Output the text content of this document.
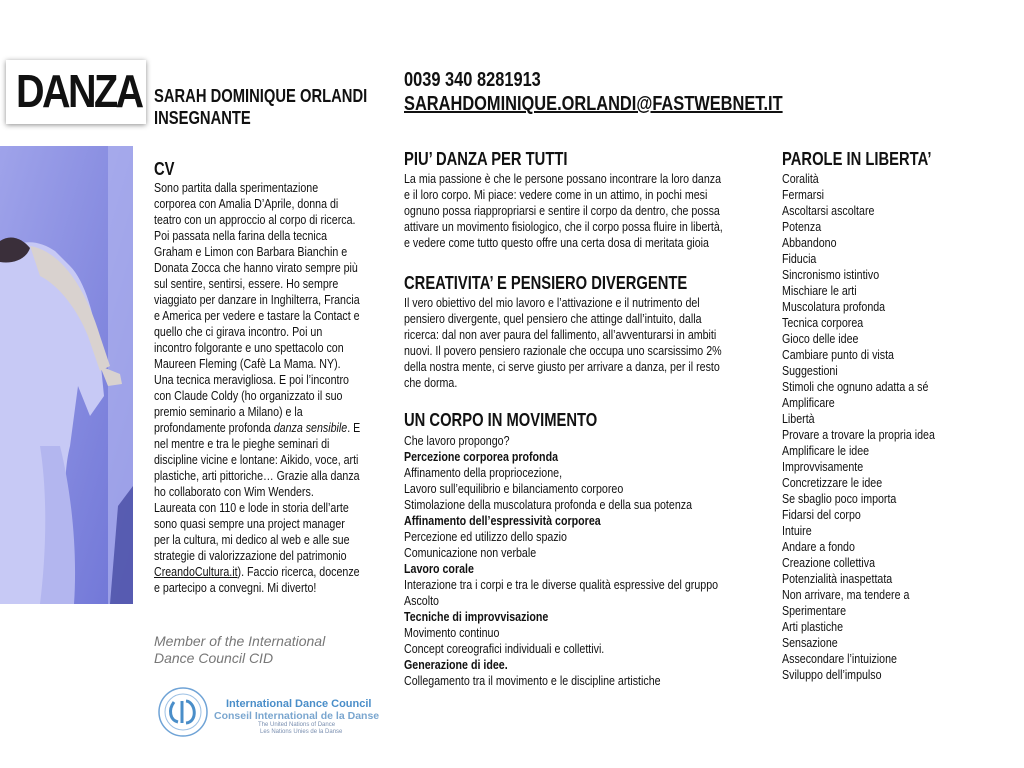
DANZA SARAH DOMINIQUE ORLANDI
INSEGNANTE
0039 340 8281913
SARAHDOMINIQUE.ORLANDI@FASTWEBNET.IT
CV
Sono partita dalla sperimentazione
corporea con Amalia D’Aprile, donna di
teatro con un approccio al corpo di ricerca.
Poi passata nella farina della tecnica
Graham e Limon con Barbara Bianchin e
Donata Zocca che hanno virato sempre più
sul sentire, sentirsi, essere. Ho sempre
viaggiato per danzare in Inghilterra, Francia
e America per vedere e tastare la Contact e
quello che ci girava incontro. Poi un
incontro folgorante e uno spettacolo con
Maureen Fleming (Cafè La Mama. NY).
Una tecnica meravigliosa. E poi l’incontro
con Claude Coldy (ho organizzato il suo
premio seminario a Milano) e la
profondamente profonda danza sensibile. E
nel mentre e tra le pieghe seminari di
discipline vicine e lontane: Aikido, voce, arti
plastiche, arti pittoriche… Grazie alla danza
ho collaborato con Wim Wenders.
Laureata con 110 e lode in storia dell’arte
sono quasi sempre una project manager
per la cultura, mi dedico al web e alle sue
strategie di valorizzazione del patrimonio
CreandoCultura.it). Faccio ricerca, docenze
e partecipo a convegni. Mi diverto!
Member of the International
Dance Council CID
International Dance Council
Conseil International de la Danse
The United Nations of Dance
Les Nations Unies de la Danse
PIU’ DANZA PER TUTTI
La mia passione è che le persone possano incontrare la loro danza
e il loro corpo. Mi piace: vedere come in un attimo, in pochi mesi
ognuno possa riappropriarsi e sentire il corpo da dentro, che possa
attivare un movimento fisiologico, che il corpo possa fluire in libertà,
e vedere come tutto questo offre una certa dosa di meritata gioia
CREATIVITA’ E PENSIERO DIVERGENTE
Il vero obiettivo del mio lavoro e l’attivazione e il nutrimento del
pensiero divergente, quel pensiero che attinge dall’intuito, dalla
ricerca: dal non aver paura del fallimento, all’avventurarsi in ambiti
nuovi. Il povero pensiero razionale che occupa uno scarsissimo 2%
della nostra mente, ci serve giusto per arrivare a danza, per il resto
che dorma.
UN CORPO IN MOVIMENTO
Che lavoro propongo?
Percezione corporea profonda
Affinamento della propriocezione,
Lavoro sull’equilibrio e bilanciamento corporeo
Stimolazione della muscolatura profonda e della sua potenza
Affinamento dell’espressività corporea
Percezione ed utilizzo dello spazio
Comunicazione non verbale
Lavoro corale
Interazione tra i corpi e tra le diverse qualità espressive del gruppo
Ascolto
Tecniche di improvvisazione
Movimento continuo
Concept coreografici individuali e collettivi.
Generazione di idee.
Collegamento tra il movimento e le discipline artistiche
PAROLE IN LIBERTA’
Coralità
Fermarsi
Ascoltarsi ascoltare
Potenza
Abbandono
Fiducia
Sincronismo istintivo
Mischiare le arti
Muscolatura profonda
Tecnica corporea
Gioco delle idee
Cambiare punto di vista
Suggestioni
Stimoli che ognuno adatta a sé
Amplificare
Libertà
Provare a trovare la propria idea
Amplificare le idee
Improvvisamente
Concretizzare le idee
Se sbaglio poco importa
Fidarsi del corpo
Intuire
Andare a fondo
Creazione collettiva
Potenzialità inaspettata
Non arrivare, ma tendere a
Sperimentare
Arti plastiche
Sensazione
Assecondare l’intuizione
Sviluppo dell’impulso
